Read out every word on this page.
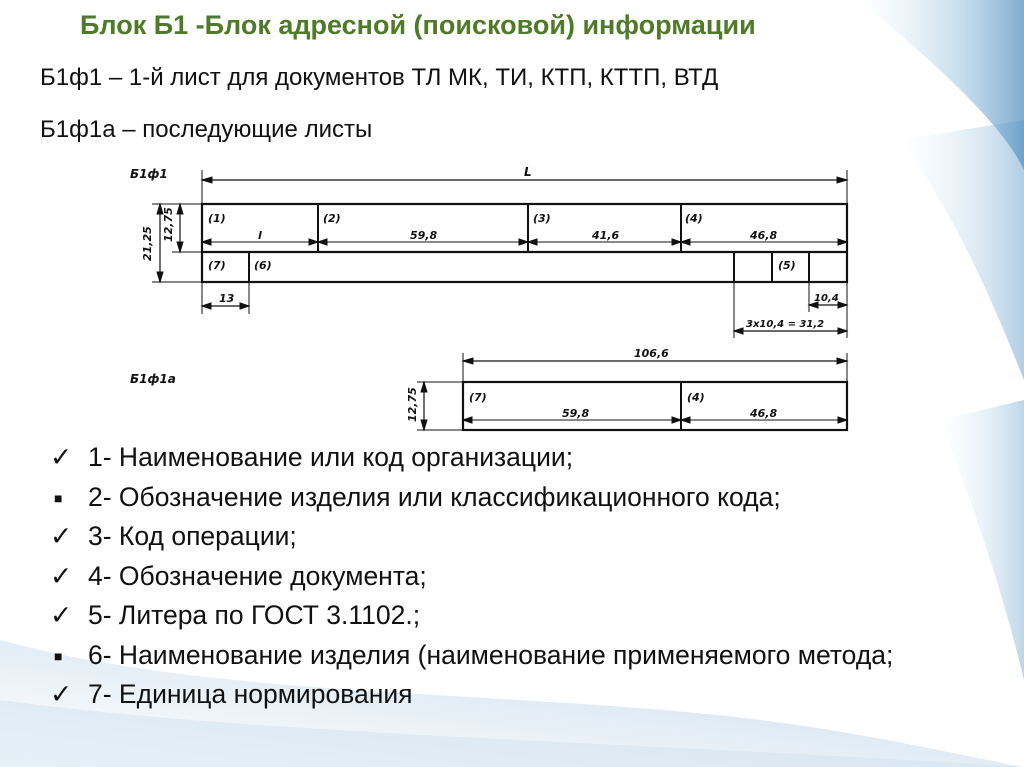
Блок Б1 -Блок адресной (поисковой) информации
Б1ф1 – 1-й лист для документов ТЛ МК, ТИ, КТП, КТТП, ВТД
Б1ф1а – последующие листы
Б1ф1
Б1ф1а
L
21,25
12,75	(1)
l
(2)
59,8
(3)
41,6
(4)
46,8
(7)	(6)	(5)
13	10,4
3x10,4 = 31,2
106,6
(7)	(4)
59,8	46,8
12,75
✓ 1- Наименование или код организации;
■ 2- Обозначение изделия или классификационного кода;
✓ 3- Код операции;
✓ 4- Обозначение документа;
✓ 5- Литера по ГОСТ 3.1102.;
■ 6- Наименование изделия (наименование применяемого метода;
✓ 7- Единица нормирования
